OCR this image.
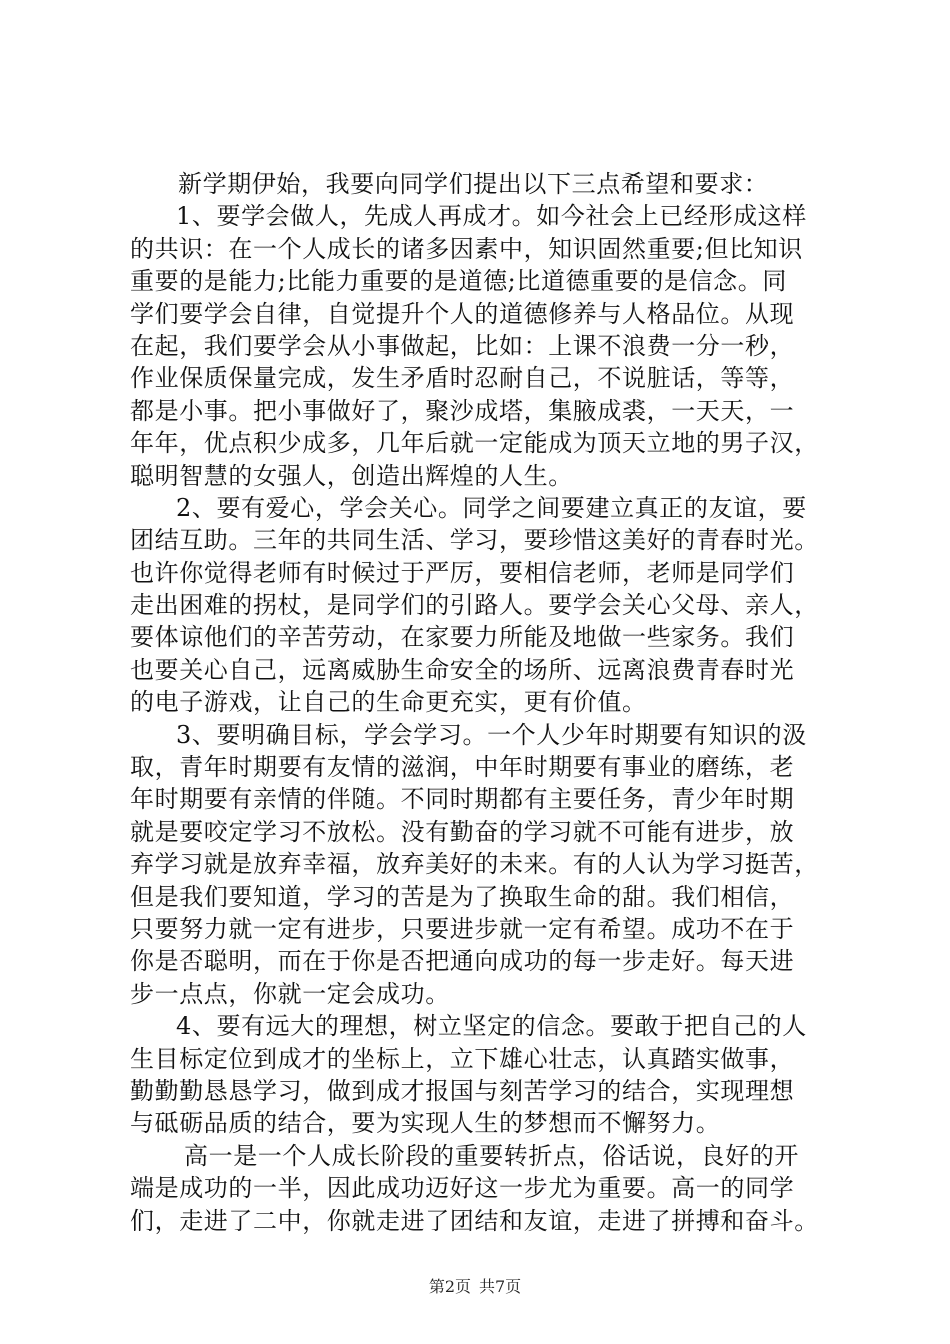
新学期伊始，我要向同学们提出以下三点希望和要求：
1、要学会做人，先成人再成才。如今社会上已经形成这样
的共识：在一个人成长的诸多因素中，知识固然重要;但比知识
重要的是能力;比能力重要的是道德;比道德重要的是信念。同
学们要学会自律，自觉提升个人的道德修养与人格品位。从现
在起，我们要学会从小事做起，比如：上课不浪费一分一秒，
作业保质保量完成，发生矛盾时忍耐自己，不说脏话，等等，
都是小事。把小事做好了，聚沙成塔，集腋成裘，一天天，一
年年，优点积少成多，几年后就一定能成为顶天立地的男子汉，
聪明智慧的女强人，创造出辉煌的人生。
2、要有爱心，学会关心。同学之间要建立真正的友谊，要
团结互助。三年的共同生活、学习，要珍惜这美好的青春时光。
也许你觉得老师有时候过于严厉，要相信老师，老师是同学们
走出困难的拐杖，是同学们的引路人。要学会关心父母、亲人，
要体谅他们的辛苦劳动，在家要力所能及地做一些家务。我们
也要关心自己，远离威胁生命安全的场所、远离浪费青春时光
的电子游戏，让自己的生命更充实，更有价值。
3、要明确目标，学会学习。一个人少年时期要有知识的汲
取，青年时期要有友情的滋润，中年时期要有事业的磨练，老
年时期要有亲情的伴随。不同时期都有主要任务，青少年时期
就是要咬定学习不放松。没有勤奋的学习就不可能有进步，放
弃学习就是放弃幸福，放弃美好的未来。有的人认为学习挺苦，
但是我们要知道，学习的苦是为了换取生命的甜。我们相信，
只要努力就一定有进步，只要进步就一定有希望。成功不在于
你是否聪明，而在于你是否把通向成功的每一步走好。每天进
步一点点，你就一定会成功。
4、要有远大的理想，树立坚定的信念。要敢于把自己的人
生目标定位到成才的坐标上，立下雄心壮志，认真踏实做事，
勤勤勤恳恳学习，做到成才报国与刻苦学习的结合，实现理想
与砥砺品质的结合，要为实现人生的梦想而不懈努力。
高一是一个人成长阶段的重要转折点，俗话说，良好的开
端是成功的一半，因此成功迈好这一步尤为重要。高一的同学
们，走进了二中，你就走进了团结和友谊，走进了拼搏和奋斗。
第2页 共7页
